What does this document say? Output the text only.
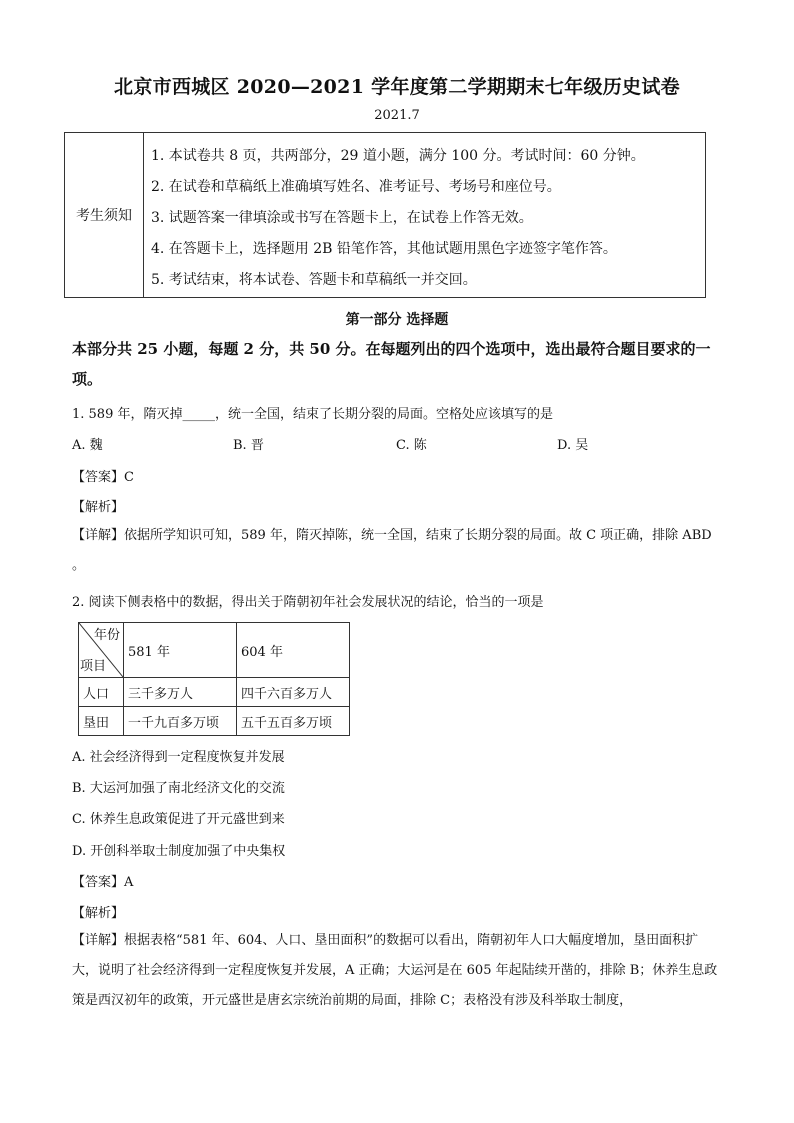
北京市西城区 2020—2021 学年度第二学期期末七年级历史试卷
2021.7
考生须知
1. 本试卷共 8 页，共两部分，29 道小题，满分 100 分。考试时间：60 分钟。
2. 在试卷和草稿纸上准确填写姓名、准考证号、考场号和座位号。
3. 试题答案一律填涂或书写在答题卡上，在试卷上作答无效。
4. 在答题卡上，选择题用 2B 铅笔作答，其他试题用黑色字迹签字笔作答。
5. 考试结束，将本试卷、答题卡和草稿纸一并交回。
第一部分 选择题
本部分共 25 小题，每题 2 分，共 50 分。在每题列出的四个选项中，选出最符合题目要求的一项。
1. 589 年，隋灭掉_____，统一全国，结束了长期分裂的局面。空格处应该填写的是
A. 魏	B. 晋	C. 陈	D. 吴
【答案】C
【解析】
【详解】依据所学知识可知，589 年，隋灭掉陈，统一全国，结束了长期分裂的局面。故 C 项正确，排除 ABD 。
2. 阅读下侧表格中的数据，得出关于隋朝初年社会发展状况的结论，恰当的一项是
年份
项目	581 年	604 年
人口	三千多万人	四千六百多万人
垦田	一千九百多万顷	五千五百多万顷
A. 社会经济得到一定程度恢复并发展
B. 大运河加强了南北经济文化的交流
C. 休养生息政策促进了开元盛世到来
D. 开创科举取士制度加强了中央集权
【答案】A
【解析】
【详解】根据表格“581 年、604、人口、垦田面积”的数据可以看出，隋朝初年人口大幅度增加，垦田面积扩大，说明了社会经济得到一定程度恢复并发展，A 正确；大运河是在 605 年起陆续开凿的，排除 B；休养生息政策是西汉初年的政策，开元盛世是唐玄宗统治前期的局面，排除 C；表格没有涉及科举取士制度，
